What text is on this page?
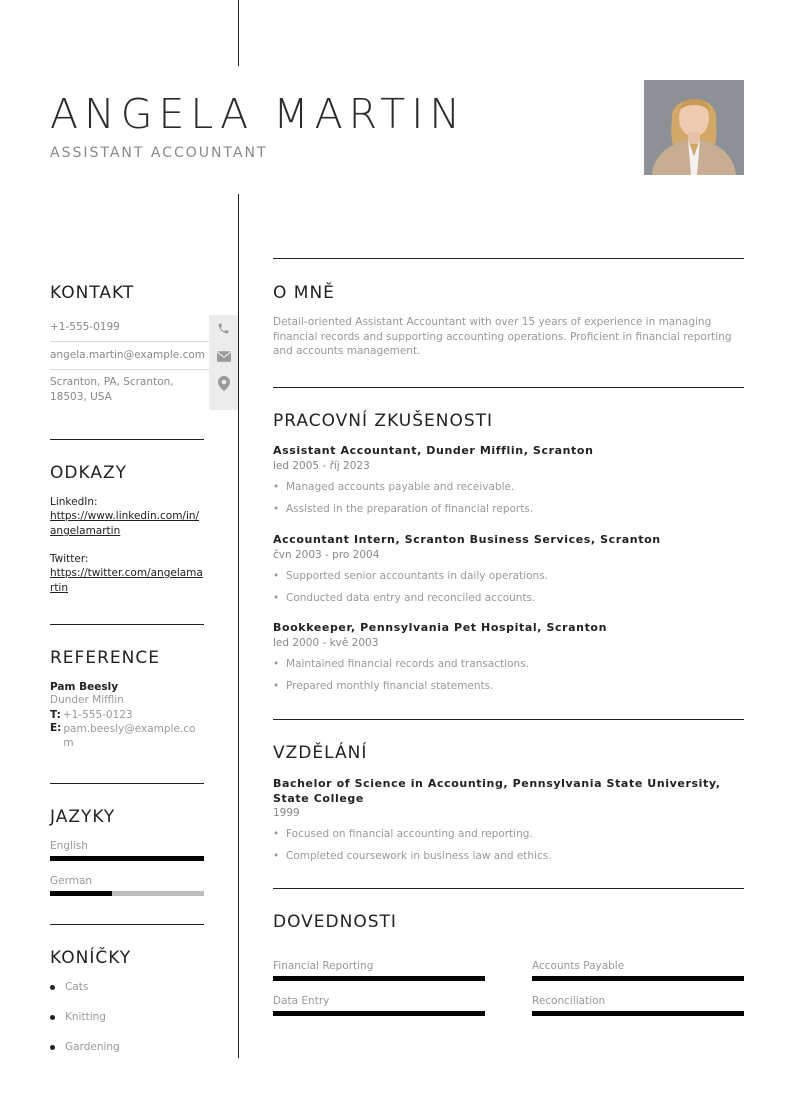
ANGELA MARTIN
ASSISTANT ACCOUNTANT
KONTAKT
+1-555-0199
angela.martin@example.com
Scranton, PA, Scranton, 18503, USA
ODKAZY
LinkedIn:
https://www.linkedin.com/in/angelamartin
Twitter:
https://twitter.com/angelamartin
REFERENCE
Pam Beesly
Dunder Mifflin
T: +1-555-0123
E: pam.beesly@example.com
JAZYKY
English
German
KONÍČKY
Cats
Knitting
Gardening
O MNĚ
Detail-oriented Assistant Accountant with over 15 years of experience in managing financial records and supporting accounting operations. Proficient in financial reporting and accounts management.
PRACOVNÍ ZKUŠENOSTI
Assistant Accountant, Dunder Mifflin, Scranton
led 2005 - říj 2023
• Managed accounts payable and receivable.
• Assisted in the preparation of financial reports.
Accountant Intern, Scranton Business Services, Scranton
čvn 2003 - pro 2004
• Supported senior accountants in daily operations.
• Conducted data entry and reconciled accounts.
Bookkeeper, Pennsylvania Pet Hospital, Scranton
led 2000 - kvě 2003
• Maintained financial records and transactions.
• Prepared monthly financial statements.
VZDĚLÁNÍ
Bachelor of Science in Accounting, Pennsylvania State University, State College
1999
• Focused on financial accounting and reporting.
• Completed coursework in business law and ethics.
DOVEDNOSTI
Financial Reporting	Accounts Payable
Data Entry	Reconciliation
